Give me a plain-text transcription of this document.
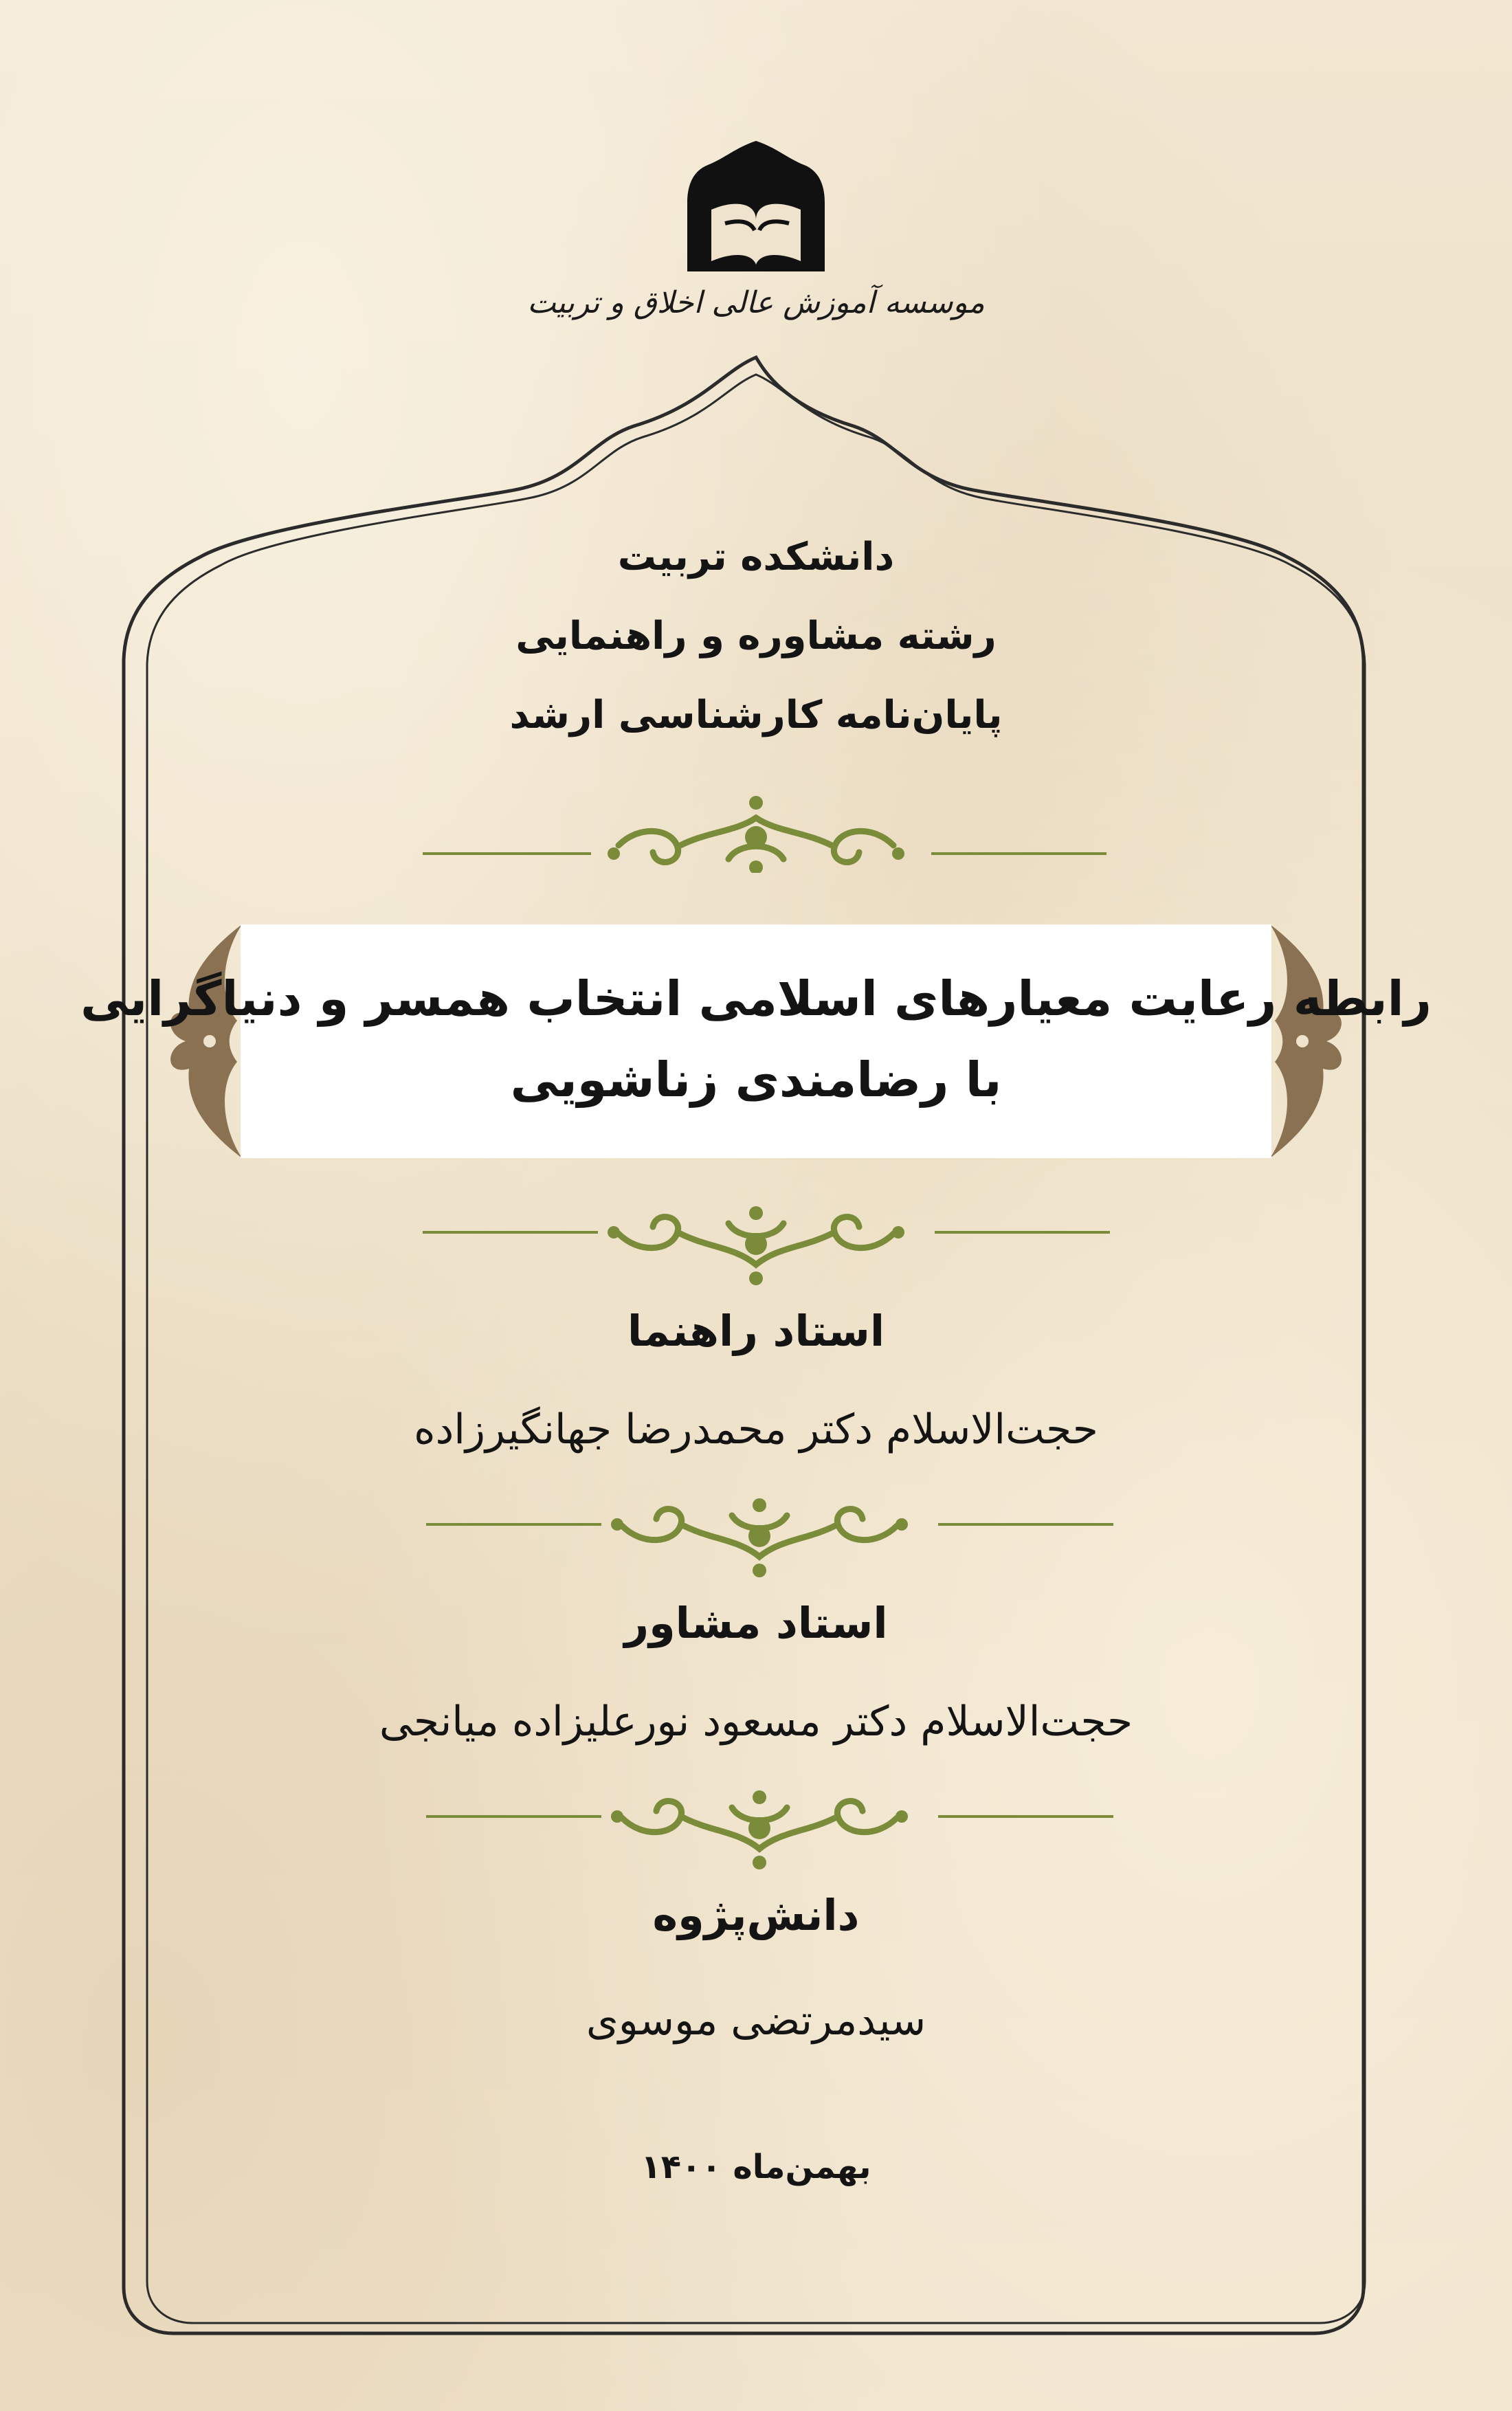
موسسه آموزش عالی اخلاق و تربیت
دانشکده تربیت
رشته مشاوره و راهنمایی
پایان‌نامه کارشناسی ارشد
رابطه رعایت معیارهای اسلامی انتخاب همسر و دنیاگرایی
با رضامندی زناشویی
استاد راهنما
حجت‌الاسلام دکتر محمدرضا جهانگیرزاده
استاد مشاور
حجت‌الاسلام دکتر مسعود نورعلیزاده میانجی
دانش‌پژوه
سیدمرتضی موسوی
بهمن‌ماه ۱۴۰۰
